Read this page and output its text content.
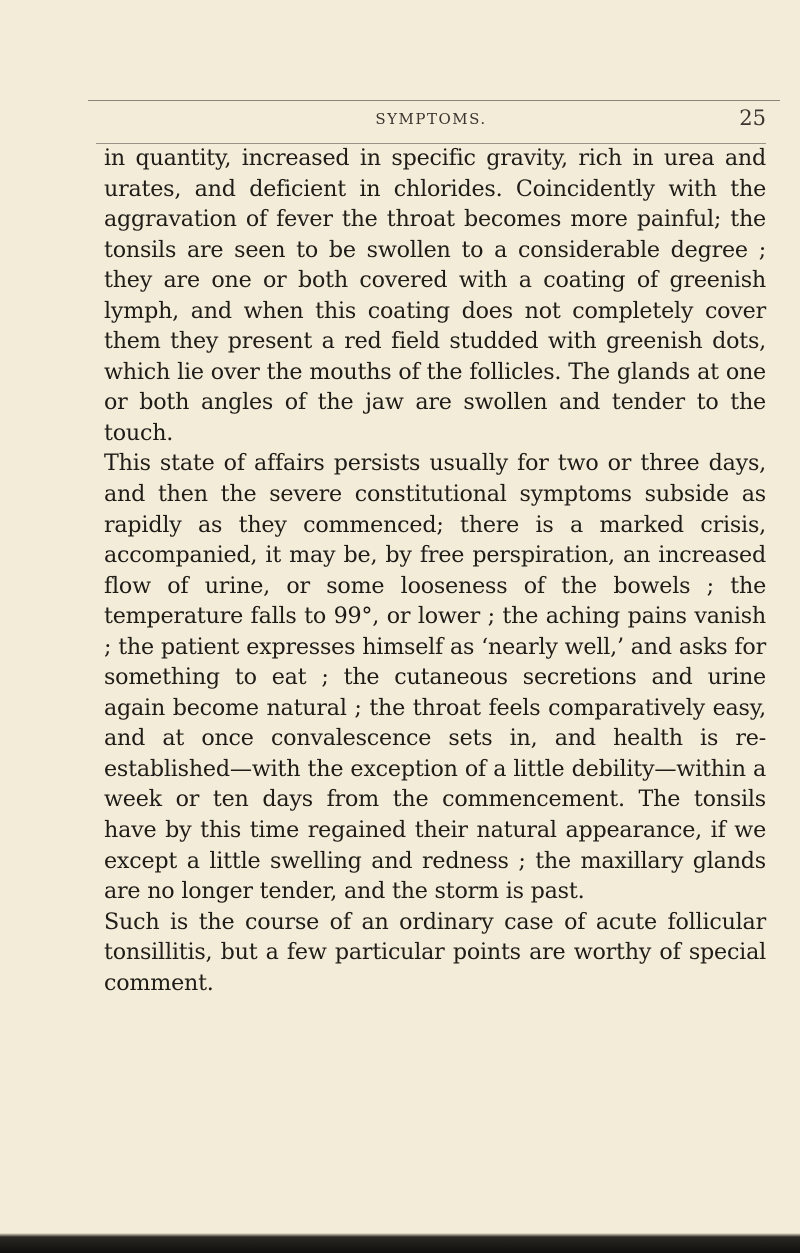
SYMPTOMS.	25

in quantity, increased in specific gravity, rich in urea and urates, and deficient in chlorides. Coincidently with the aggravation of fever the throat becomes more painful; the tonsils are seen to be swollen to a considerable degree ; they are one or both covered with a coating of greenish lymph, and when this coating does not completely cover them they present a red field studded with greenish dots, which lie over the mouths of the follicles. The glands at one or both angles of the jaw are swollen and tender to the touch.

This state of affairs persists usually for two or three days, and then the severe constitutional symptoms subside as rapidly as they commenced; there is a marked crisis, accompanied, it may be, by free perspiration, an increased flow of urine, or some looseness of the bowels ; the temperature falls to 99°, or lower ; the aching pains vanish ; the patient expresses himself as ‘nearly well,’ and asks for something to eat ; the cutaneous secretions and urine again become natural ; the throat feels comparatively easy, and at once convalescence sets in, and health is re-established—with the exception of a little debility—within a week or ten days from the commencement. The tonsils have by this time regained their natural appearance, if we except a little swelling and redness ; the maxillary glands are no longer tender, and the storm is past.

Such is the course of an ordinary case of acute follicular tonsillitis, but a few particular points are worthy of special comment.
